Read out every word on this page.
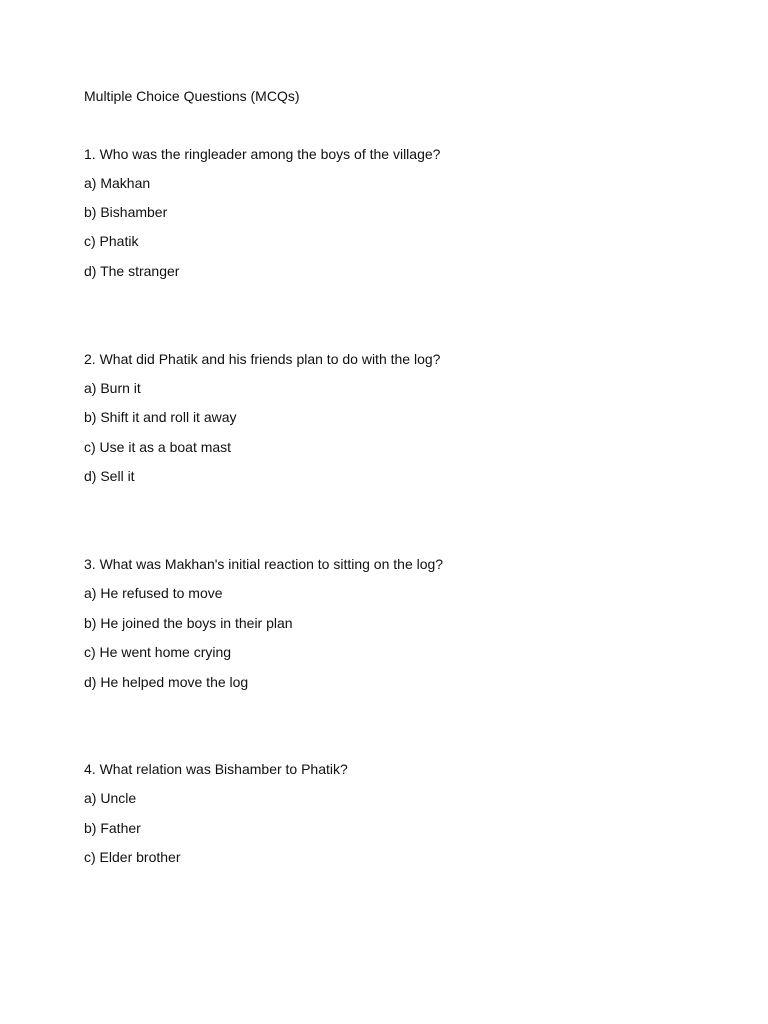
Multiple Choice Questions (MCQs)
1. Who was the ringleader among the boys of the village?
a) Makhan
b) Bishamber
c) Phatik
d) The stranger
2. What did Phatik and his friends plan to do with the log?
a) Burn it
b) Shift it and roll it away
c) Use it as a boat mast
d) Sell it
3. What was Makhan's initial reaction to sitting on the log?
a) He refused to move
b) He joined the boys in their plan
c) He went home crying
d) He helped move the log
4. What relation was Bishamber to Phatik?
a) Uncle
b) Father
c) Elder brother
